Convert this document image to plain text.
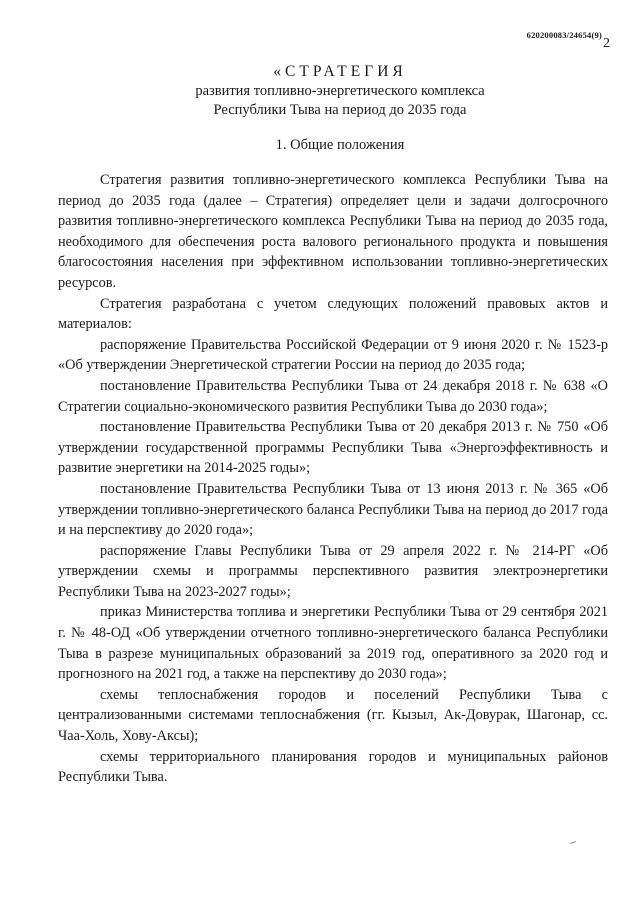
620200083/24654(9)
2
«СТРАТЕГИЯ
развития топливно-энергетического комплекса
Республики Тыва на период до 2035 года
1. Общие положения

Стратегия развития топливно-энергетического комплекса Республики Тыва на период до 2035 года (далее – Стратегия) определяет цели и задачи долгосрочного развития топливно-энергетического комплекса Республики Тыва на период до 2035 года, необходимого для обеспечения роста валового регионального продукта и повышения благосостояния населения при эффективном использовании топливно-энергетических ресурсов.

Стратегия разработана с учетом следующих положений правовых актов и материалов:

распоряжение Правительства Российской Федерации от 9 июня 2020 г. № 1523-р «Об утверждении Энергетической стратегии России на период до 2035 года;

постановление Правительства Республики Тыва от 24 декабря 2018 г. № 638 «О Стратегии социально-экономического развития Республики Тыва до 2030 года»;

постановление Правительства Республики Тыва от 20 декабря 2013 г. № 750 «Об утверждении государственной программы Республики Тыва «Энергоэффективность и развитие энергетики на 2014-2025 годы»;

постановление Правительства Республики Тыва от 13 июня 2013 г. № 365 «Об утверждении топливно-энергетического баланса Республики Тыва на период до 2017 года и на перспективу до 2020 года»;

распоряжение Главы Республики Тыва от 29 апреля 2022 г. № 214-РГ «Об утверждении схемы и программы перспективного развития электроэнергетики Республики Тыва на 2023-2027 годы»;

приказ Министерства топлива и энергетики Республики Тыва от 29 сентября 2021 г. № 48-ОД «Об утверждении отчетного топливно-энергетического баланса Республики Тыва в разрезе муниципальных образований за 2019 год, оперативного за 2020 год и прогнозного на 2021 год, а также на перспективу до 2030 года»;

схемы теплоснабжения городов и поселений Республики Тыва с централизованными системами теплоснабжения (гг. Кызыл, Ак-Довурак, Шагонар, сс. Чаа-Холь, Хову-Аксы);

схемы территориального планирования городов и муниципальных районов Республики Тыва.
